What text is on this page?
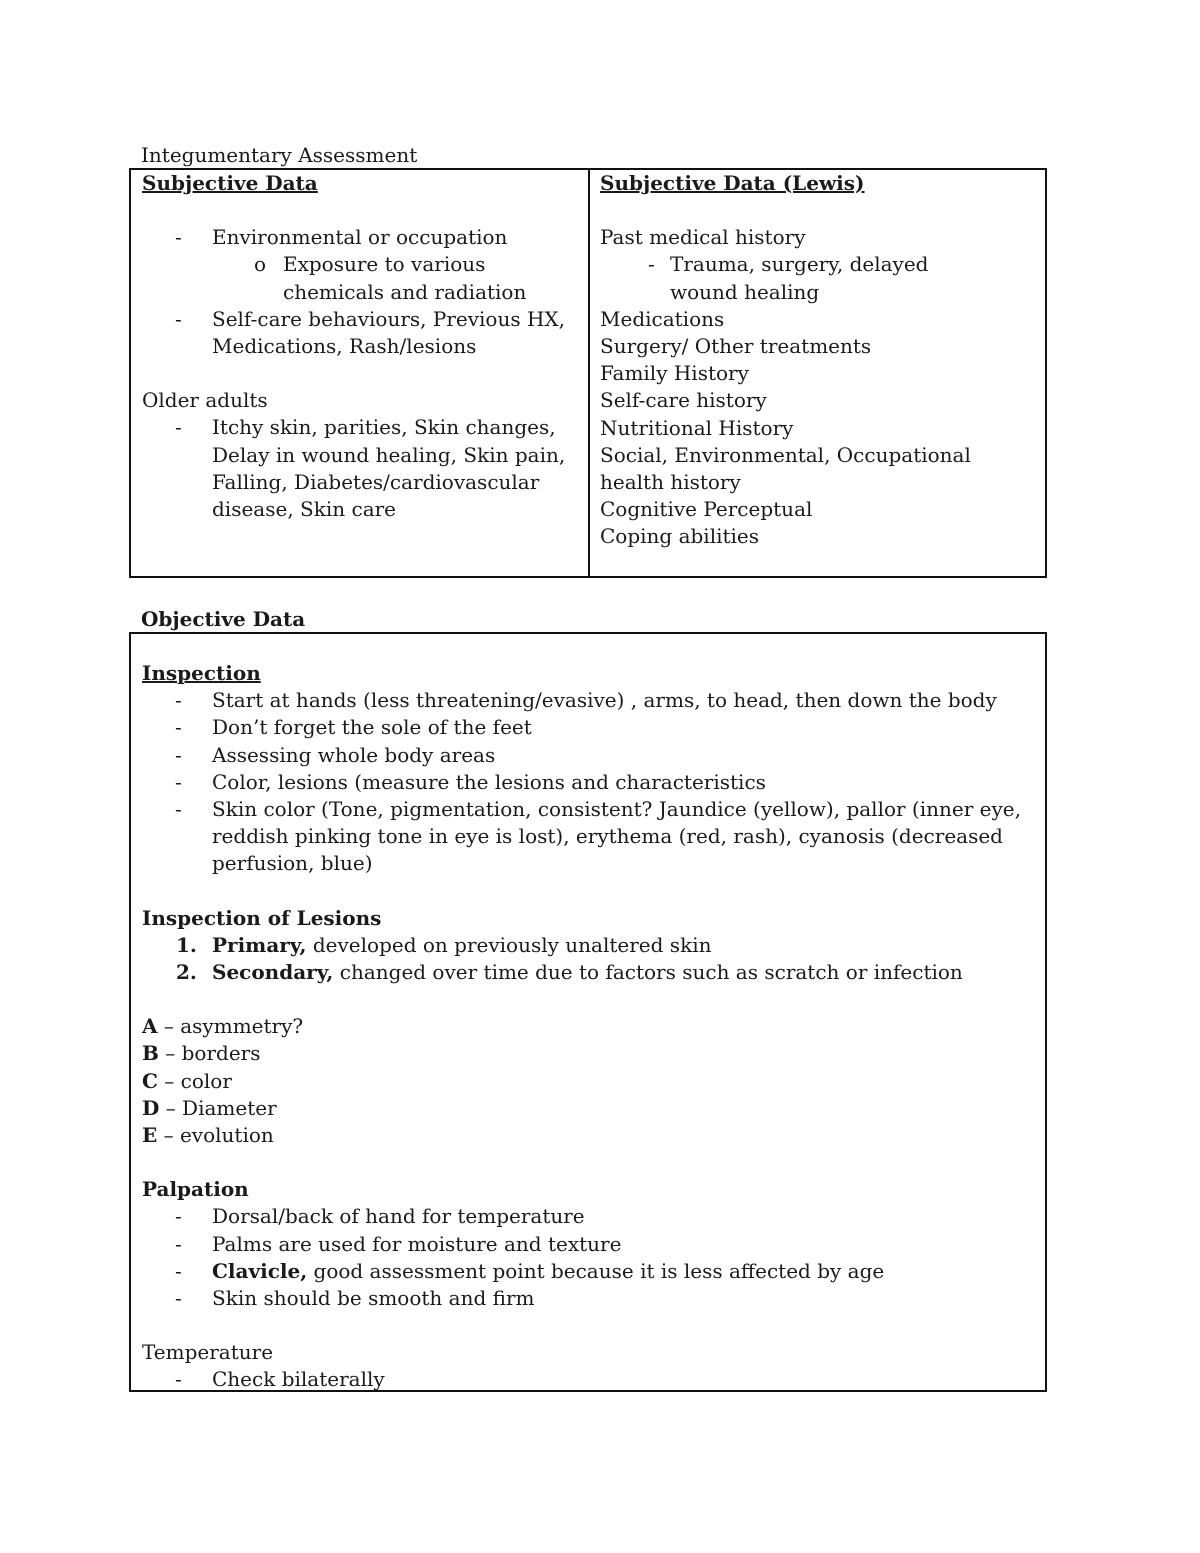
Integumentary Assessment
Subjective Data
-	Environmental or occupation
o Exposure to various chemicals and radiation
-	Self-care behaviours, Previous HX, Medications, Rash/lesions
Older adults
-	Itchy skin, parities, Skin changes, Delay in wound healing, Skin pain, Falling, Diabetes/cardiovascular disease, Skin care
Subjective Data (Lewis)
Past medical history
- Trauma, surgery, delayed wound healing
Medications
Surgery/ Other treatments
Family History
Self-care history
Nutritional History
Social, Environmental, Occupational health history
Cognitive Perceptual
Coping abilities
Objective Data
Inspection
-	Start at hands (less threatening/evasive) , arms, to head, then down the body
-	Don’t forget the sole of the feet
-	Assessing whole body areas
-	Color, lesions (measure the lesions and characteristics
-	Skin color (Tone, pigmentation, consistent? Jaundice (yellow), pallor (inner eye, reddish pinking tone in eye is lost), erythema (red, rash), cyanosis (decreased perfusion, blue)
Inspection of Lesions
1. Primary, developed on previously unaltered skin
2. Secondary, changed over time due to factors such as scratch or infection
A – asymmetry?
B – borders
C – color
D – Diameter
E – evolution
Palpation
-	Dorsal/back of hand for temperature
-	Palms are used for moisture and texture
-	Clavicle, good assessment point because it is less affected by age
-	Skin should be smooth and firm
Temperature
-	Check bilaterally
